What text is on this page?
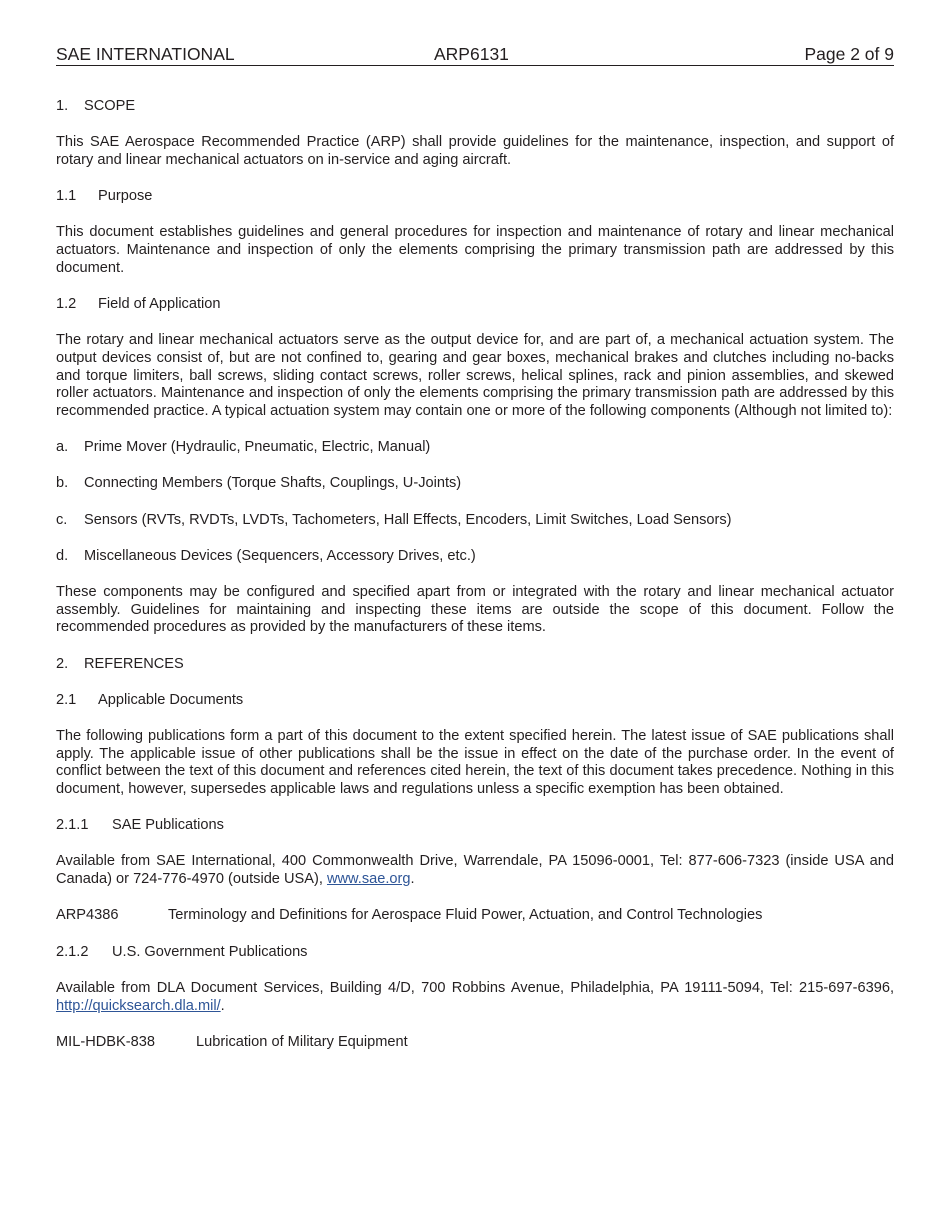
SAE INTERNATIONAL	ARP6131	Page 2 of 9
1. SCOPE

This SAE Aerospace Recommended Practice (ARP) shall provide guidelines for the maintenance, inspection, and support of rotary and linear mechanical actuators on in-service and aging aircraft.

1.1 Purpose

This document establishes guidelines and general procedures for inspection and maintenance of rotary and linear mechanical actuators. Maintenance and inspection of only the elements comprising the primary transmission path are addressed by this document.

1.2 Field of Application

The rotary and linear mechanical actuators serve as the output device for, and are part of, a mechanical actuation system. The output devices consist of, but are not confined to, gearing and gear boxes, mechanical brakes and clutches including no-backs and torque limiters, ball screws, sliding contact screws, roller screws, helical splines, rack and pinion assemblies, and skewed roller actuators. Maintenance and inspection of only the elements comprising the primary transmission path are addressed by this recommended practice. A typical actuation system may contain one or more of the following components (Although not limited to):

a. Prime Mover (Hydraulic, Pneumatic, Electric, Manual)
b. Connecting Members (Torque Shafts, Couplings, U-Joints)
c. Sensors (RVTs, RVDTs, LVDTs, Tachometers, Hall Effects, Encoders, Limit Switches, Load Sensors)
d. Miscellaneous Devices (Sequencers, Accessory Drives, etc.)

These components may be configured and specified apart from or integrated with the rotary and linear mechanical actuator assembly. Guidelines for maintaining and inspecting these items are outside the scope of this document. Follow the recommended procedures as provided by the manufacturers of these items.

2. REFERENCES
2.1 Applicable Documents

The following publications form a part of this document to the extent specified herein. The latest issue of SAE publications shall apply. The applicable issue of other publications shall be the issue in effect on the date of the purchase order. In the event of conflict between the text of this document and references cited herein, the text of this document takes precedence. Nothing in this document, however, supersedes applicable laws and regulations unless a specific exemption has been obtained.

2.1.1 SAE Publications

Available from SAE International, 400 Commonwealth Drive, Warrendale, PA 15096-0001, Tel: 877-606-7323 (inside USA and Canada) or 724-776-4970 (outside USA), www.sae.org.

ARP4386	Terminology and Definitions for Aerospace Fluid Power, Actuation, and Control Technologies
2.1.2 U.S. Government Publications

Available from DLA Document Services, Building 4/D, 700 Robbins Avenue, Philadelphia, PA 19111-5094, Tel: 215-697-6396, http://quicksearch.dla.mil/.

MIL-HDBK-838	Lubrication of Military Equipment
